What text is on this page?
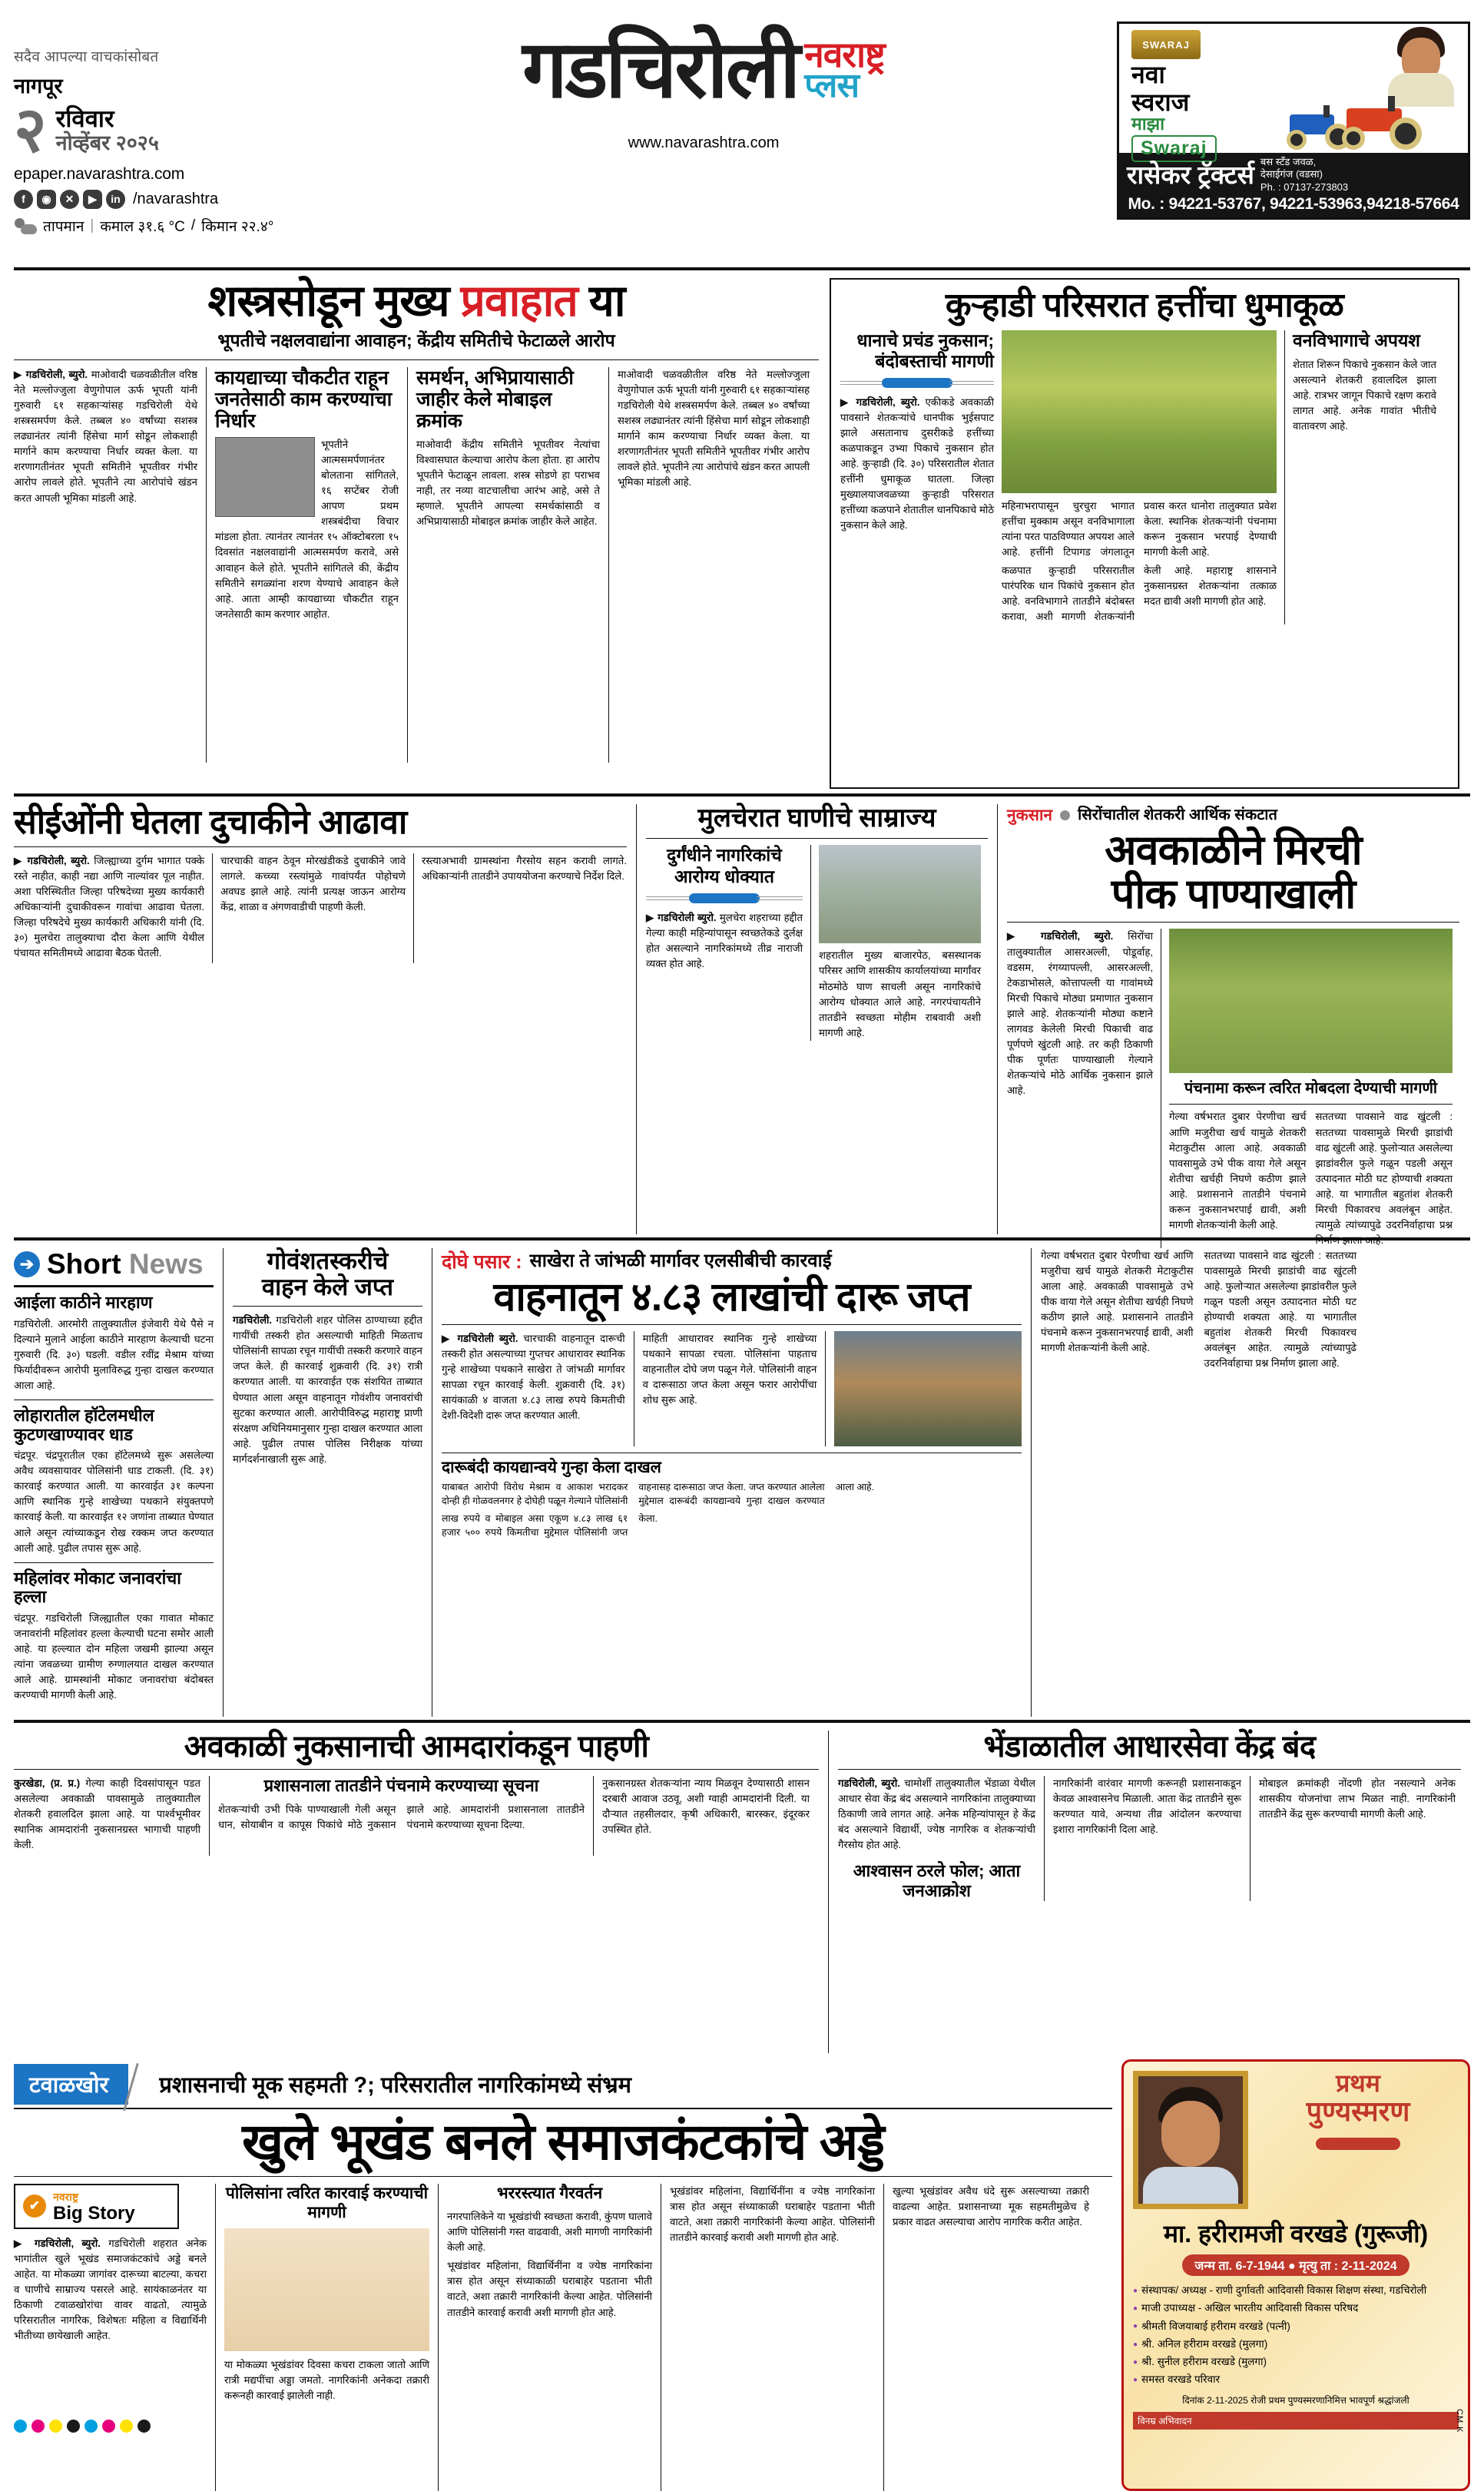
सदैव आपल्या वाचकांसोबत
नागपूर
२ रविवार
नोव्हेंबर २०२५
epaper.navarashtra.com
f	◉	✕	▶	in /navarashtra
तापमान | कमाल ३१.६ °C / किमान २२.४°
गडचिरोली नवराष्ट्र
प्लस
www.navarashtra.com
SWARAJ
नवा
स्वराज
माझा
Swaraj
रासेकर ट्रॅक्टर्स बस स्टँड जवळ,
देसाईगंज (वडसा)
Ph. : 07137-273803
Mo. : 94221-53767, 94221-53963,94218-57664
शस्त्रसोडून मुख्य प्रवाहात या
भूपतीचे नक्षलवाद्यांना आवाहन; केंद्रीय समितीचे फेटाळले आरोप

▶ गडचिरोली, ब्युरो. माओवादी चळवळीतील वरिष्ठ नेते मल्लोज्जुला वेणुगोपाल ऊर्फ भूपती यांनी गुरुवारी ६१ सहकाऱ्यांसह गडचिरोली येथे शस्त्रसमर्पण केले. तब्बल ४० वर्षांच्या सशस्त्र लढ्यानंतर त्यांनी हिंसेचा मार्ग सोडून लोकशाही मार्गाने काम करण्याचा निर्धार व्यक्त केला. या शरणागतीनंतर भूपती समितीने भूपतीवर गंभीर आरोप लावले होते. भूपतीने त्या आरोपांचे खंडन करत आपली भूमिका मांडली आहे.

कायद्याच्या चौकटीत राहून जनतेसाठी काम करण्याचा निर्धार
भूपतीने आत्मसमर्पणानंतर बोलताना सांगितले, १६ सप्टेंबर रोजी आपण प्रथम शस्त्रबंदीचा विचार मांडला होता. त्यानंतर त्यानंतर १५ ऑक्टोबरला १५ दिवसांत नक्षलवाद्यांनी आत्मसमर्पण करावे, असे आवाहन केले होते. भूपतीने सांगितले की, केंद्रीय समितीने सगळ्यांना शरण येण्याचे आवाहन केले आहे. आता आम्ही कायद्याच्या चौकटीत राहून जनतेसाठी काम करणार आहोत.
समर्थन, अभिप्रायासाठी जाहीर केले मोबाइल क्रमांक
माओवादी केंद्रीय समितीने भूपतीवर नेत्यांचा विश्वासघात केल्याचा आरोप केला होता. हा आरोप भूपतीने फेटाळून लावला. शस्त्र सोडणे हा पराभव नाही, तर नव्या वाटचालीचा आरंभ आहे, असे ते म्हणाले. भूपतीने आपल्या समर्थकांसाठी व अभिप्रायासाठी मोबाइल क्रमांक जाहीर केले आहेत.
माओवादी चळवळीतील वरिष्ठ नेते मल्लोज्जुला वेणुगोपाल ऊर्फ भूपती यांनी गुरुवारी ६१ सहकाऱ्यांसह गडचिरोली येथे शस्त्रसमर्पण केले. तब्बल ४० वर्षांच्या सशस्त्र लढ्यानंतर त्यांनी हिंसेचा मार्ग सोडून लोकशाही मार्गाने काम करण्याचा निर्धार व्यक्त केला. या शरणागतीनंतर भूपती समितीने भूपतीवर गंभीर आरोप लावले होते. भूपतीने त्या आरोपांचे खंडन करत आपली भूमिका मांडली आहे.
कुऱ्हाडी परिसरात हत्तींचा धुमाकूळ
धानाचे प्रचंड नुकसान; बंदोबस्ताची मागणी

▶ गडचिरोली, ब्युरो. एकीकडे अवकाळी पावसाने शेतकऱ्यांचे धानपीक भुईसपाट झाले असतानाच दुसरीकडे हत्तींच्या कळपाकडून उभ्या पिकाचे नुकसान होत आहे. कुऱ्हाडी (दि. ३०) परिसरातील शेतात हत्तींनी धुमाकूळ घातला. जिल्हा मुख्यालयाजवळच्या कुऱ्हाडी परिसरात हत्तींच्या कळपाने शेतातील धानपिकाचे मोठे नुकसान केले आहे.

महिनाभरापासून चुरचुरा भागात हत्तींचा मुक्काम असून वनविभागाला त्यांना परत पाठविण्यात अपयश आले आहे. हत्तींनी टिपागड जंगलातून प्रवास करत धानोरा तालुक्यात प्रवेश केला. स्थानिक शेतकऱ्यांनी पंचनामा करून नुकसान भरपाई देण्याची मागणी केली आहे.
कळपात कुऱ्हाडी परिसरातील पारंपरिक धान पिकांचे नुकसान होत आहे. वनविभागाने तातडीने बंदोबस्त करावा, अशी मागणी शेतकऱ्यांनी केली आहे. महाराष्ट्र शासनाने नुकसानग्रस्त शेतकऱ्यांना तत्काळ मदत द्यावी अशी मागणी होत आहे.
वनविभागाचे अपयश
शेतात शिरून पिकाचे नुकसान केले जात असल्याने शेतकरी हवालदिल झाला आहे. रात्रभर जागून पिकाचे रक्षण करावे लागत आहे. अनेक गावांत भीतीचे वातावरण आहे.
सीईओंनी घेतला दुचाकीने आढावा

▶ गडचिरोली, ब्युरो. जिल्ह्याच्या दुर्गम भागात पक्के रस्ते नाहीत, काही नद्या आणि नाल्यांवर पूल नाहीत. अशा परिस्थितीत जिल्हा परिषदेच्या मुख्य कार्यकारी अधिकाऱ्यांनी दुचाकीवरून गावांचा आढावा घेतला. जिल्हा परिषदेचे मुख्य कार्यकारी अधिकारी यांनी (दि. ३०) मुलचेरा तालुक्याचा दौरा केला आणि येथील पंचायत समितीमध्ये आढावा बैठक घेतली.

चारचाकी वाहन ठेवून मोरखंडीकडे दुचाकीने जावे लागले. कच्च्या रस्त्यांमुळे गावांपर्यंत पोहोचणे अवघड झाले आहे. त्यांनी प्रत्यक्ष जाऊन आरोग्य केंद्र, शाळा व अंगणवाडीची पाहणी केली.
रस्त्याअभावी ग्रामस्थांना गैरसोय सहन करावी लागते. अधिकाऱ्यांनी तातडीने उपाययोजना करण्याचे निर्देश दिले.
मुलचेरात घाणीचे साम्राज्य
दुर्गंधीने नागरिकांचे आरोग्य धोक्यात

▶ गडचिरोली ब्युरो. मुलचेरा शहराच्या हद्दीत गेल्या काही महिन्यांपासून स्वच्छतेकडे दुर्लक्ष होत असल्याने नागरिकांमध्ये तीव्र नाराजी व्यक्त होत आहे.

शहरातील मुख्य बाजारपेठ, बसस्थानक परिसर आणि शासकीय कार्यालयांच्या मार्गांवर मोठमोठे घाण साचली असून नागरिकांचे आरोग्य धोक्यात आले आहे. नगरपंचायतीने तातडीने स्वच्छता मोहीम राबवावी अशी मागणी आहे.
नुकसान सिरोंचातील शेतकरी आर्थिक संकटात
अवकाळीने मिरची
पीक पाण्याखाली

▶ गडचिरोली, ब्युरो. सिरोंचा तालुक्यातील आसरअल्ली, पोडूर्वाह, वडसम, रंगय्यापल्ली, आसरअल्ली, टेकडाभोसले, कोत्तापल्ली या गावांमध्ये मिरची पिकाचे मोठ्या प्रमाणात नुकसान झाले आहे. शेतकऱ्यांनी मोठ्या कष्टाने लागवड केलेली मिरची पिकाची वाढ पूर्णपणे खुंटली आहे. तर कही ठिकाणी पीक पूर्णतः पाण्याखाली गेल्याने शेतकऱ्यांचे मोठे आर्थिक नुकसान झाले आहे.	पंचनामा करून त्वरित मोबदला देण्याची मागणी
गेल्या वर्षभरात दुबार पेरणीचा खर्च आणि मजुरीचा खर्च यामुळे शेतकरी मेटाकुटीस आला आहे. अवकाळी पावसामुळे उभे पीक वाया गेले असून शेतीचा खर्चही निघणे कठीण झाले आहे. प्रशासनाने तातडीने पंचनामे करून नुकसानभरपाई द्यावी, अशी मागणी शेतकऱ्यांनी केली आहे.
सततच्या पावसाने वाढ खुंटली : सततच्या पावसामुळे मिरची झाडांची वाढ खुंटली आहे. फुलोऱ्यात असलेल्या झाडांवरील फुले गळून पडली असून उत्पादनात मोठी घट होण्याची शक्यता आहे. या भागातील बहुतांश शेतकरी मिरची पिकावरच अवलंबून आहेत. त्यामुळे त्यांच्यापुढे उदरनिर्वाहाचा प्रश्न निर्माण झाला आहे.
➔ Short News
आईला काठीने मारहाण
गडचिरोली. आरमोरी तालुक्यातील इंजेवारी येथे पैसे न दिल्याने मुलाने आईला काठीने मारहाण केल्याची घटना गुरुवारी (दि. ३०) घडली. वडील रवींद्र मेश्राम यांच्या फिर्यादीवरून आरोपी मुलाविरुद्ध गुन्हा दाखल करण्यात आला आहे.
लोहारातील हॉटेलमधील कुटणखाण्यावर धाड
चंद्रपूर. चंद्रपूरातील एका हॉटेलमध्ये सुरू असलेल्या अवैध व्यवसायावर पोलिसांनी धाड टाकली. (दि. ३१) कारवाई करण्यात आली. या कारवाईत ३१ कल्पना आणि स्थानिक गुन्हे शाखेच्या पथकाने संयुक्तपणे कारवाई केली. या कारवाईत १२ जणांना ताब्यात घेण्यात आले असून त्यांच्याकडून रोख रक्कम जप्त करण्यात आली आहे. पुढील तपास सुरू आहे.
महिलांवर मोकाट जनावरांचा हल्ला
चंद्रपूर. गडचिरोली जिल्ह्यातील एका गावात मोकाट जनावरांनी महिलांवर हल्ला केल्याची घटना समोर आली आहे. या हल्ल्यात दोन महिला जखमी झाल्या असून त्यांना जवळच्या ग्रामीण रुग्णालयात दाखल करण्यात आले आहे. ग्रामस्थांनी मोकाट जनावरांचा बंदोबस्त करण्याची मागणी केली आहे.
गोवंशतस्करीचे
वाहन केले जप्त

गडचिरोली. गडचिरोली शहर पोलिस ठाण्याच्या हद्दीत गायींची तस्करी होत असल्याची माहिती मिळताच पोलिसांनी सापळा रचून गायींची तस्करी करणारे वाहन जप्त केले. ही कारवाई शुक्रवारी (दि. ३१) रात्री करण्यात आली. या कारवाईत एक संशयित ताब्यात घेण्यात आला असून वाहनातून गोवंशीय जनावरांची सुटका करण्यात आली. आरोपीविरुद्ध महाराष्ट्र प्राणी संरक्षण अधिनियमानुसार गुन्हा दाखल करण्यात आला आहे. पुढील तपास पोलिस निरीक्षक यांच्या मार्गदर्शनाखाली सुरू आहे.

दोघे पसार : साखेरा ते जांभळी मार्गावर एलसीबीची कारवाई
वाहनातून ४.८३ लाखांची दारू जप्त

▶ गडचिरोली ब्युरो. चारचाकी वाहनातून दारूची तस्करी होत असल्याच्या गुप्तचर आधारावर स्थानिक गुन्हे शाखेच्या पथकाने साखेरा ते जांभळी मार्गावर सापळा रचून कारवाई केली. शुक्रवारी (दि. ३१) सायंकाळी ४ वाजता ४.८३ लाख रुपये किमतीची देशी-विदेशी दारू जप्त करण्यात आली.

माहिती आधारावर स्थानिक गुन्हे शाखेच्या पथकाने सापळा रचला. पोलिसांना पाहताच वाहनातील दोघे जण पळून गेले. पोलिसांनी वाहन व दारूसाठा जप्त केला असून फरार आरोपींचा शोध सुरू आहे.
दारूबंदी कायद्यान्वये गुन्हा केला दाखल
याबाबत आरोपी विरोध मेश्राम व आकाश भरादकर दोन्ही ही गोळवलनगर हे दोघेही पळून गेल्याने पोलिसांनी वाहनासह दारूसाठा जप्त केला. जप्त करण्यात आलेला मुद्देमाल दारूबंदी कायद्यान्वये गुन्हा दाखल करण्यात आला आहे.
लाख रुपये व मोबाइल असा एकूण ४.८३ लाख ६१ हजार ५०० रुपये किमतीचा मुद्देमाल पोलिसांनी जप्त केला.
गेल्या वर्षभरात दुबार पेरणीचा खर्च आणि मजुरीचा खर्च यामुळे शेतकरी मेटाकुटीस आला आहे. अवकाळी पावसामुळे उभे पीक वाया गेले असून शेतीचा खर्चही निघणे कठीण झाले आहे. प्रशासनाने तातडीने पंचनामे करून नुकसानभरपाई द्यावी, अशी मागणी शेतकऱ्यांनी केली आहे.
सततच्या पावसाने वाढ खुंटली : सततच्या पावसामुळे मिरची झाडांची वाढ खुंटली आहे. फुलोऱ्यात असलेल्या झाडांवरील फुले गळून पडली असून उत्पादनात मोठी घट होण्याची शक्यता आहे. या भागातील बहुतांश शेतकरी मिरची पिकावरच अवलंबून आहेत. त्यामुळे त्यांच्यापुढे उदरनिर्वाहाचा प्रश्न निर्माण झाला आहे.
अवकाळी नुकसानाची आमदारांकडून पाहणी

कुरखेडा, (प्र. प्र.) गेल्या काही दिवसांपासून पडत असलेल्या अवकाळी पावसामुळे तालुक्यातील शेतकरी हवालदिल झाला आहे. या पार्श्वभूमीवर स्थानिक आमदारांनी नुकसानग्रस्त भागाची पाहणी केली.

प्रशासनाला तातडीने पंचनामे करण्याच्या सूचना
शेतकऱ्यांची उभी पिके पाण्याखाली गेली असून धान, सोयाबीन व कापूस पिकांचे मोठे नुकसान झाले आहे. आमदारांनी प्रशासनाला तातडीने पंचनामे करण्याच्या सूचना दिल्या.
नुकसानग्रस्त शेतकऱ्यांना न्याय मिळवून देण्यासाठी शासन दरबारी आवाज उठवू, अशी ग्वाही आमदारांनी दिली. या दौऱ्यात तहसीलदार, कृषी अधिकारी, बारस्कर, इंदूरकर उपस्थित होते.
भेंडाळातील आधारसेवा केंद्र बंद

गडचिरोली, ब्युरो. चामोर्शी तालुक्यातील भेंडाळा येथील आधार सेवा केंद्र बंद असल्याने नागरिकांना तालुक्याच्या ठिकाणी जावे लागत आहे. अनेक महिन्यांपासून हे केंद्र बंद असल्याने विद्यार्थी, ज्येष्ठ नागरिक व शेतकऱ्यांची गैरसोय होत आहे.

आश्वासन ठरले फोल; आता जनआक्रोश
नागरिकांनी वारंवार मागणी करूनही प्रशासनाकडून केवळ आश्वासनेच मिळाली. आता केंद्र तातडीने सुरू करण्यात यावे, अन्यथा तीव्र आंदोलन करण्याचा इशारा नागरिकांनी दिला आहे.
मोबाइल क्रमांकही नोंदणी होत नसल्याने अनेक शासकीय योजनांचा लाभ मिळत नाही. नागरिकांनी तातडीने केंद्र सुरू करण्याची मागणी केली आहे.
टवाळखोर	प्रशासनाची मूक सहमती ?; परिसरातील नागरिकांमध्ये संभ्रम
खुले भूखंड बनले समाजकंटकांचे अड्डे
✔
नवराष्ट्र
Big Story

▶ गडचिरोली, ब्युरो. गडचिरोली शहरात अनेक भागांतील खुले भूखंड समाजकंटकांचे अड्डे बनले आहेत. या मोकळ्या जागांवर दारूच्या बाटल्या, कचरा व घाणीचे साम्राज्य पसरले आहे. सायंकाळनंतर या ठिकाणी टवाळखोरांचा वावर वाढतो, त्यामुळे परिसरातील नागरिक, विशेषतः महिला व विद्यार्थिनी भीतीच्या छायेखाली आहेत.

पोलिसांना त्वरित कारवाई करण्याची मागणी
या मोकळ्या भूखंडांवर दिवसा कचरा टाकला जातो आणि रात्री मद्यपींचा अड्डा जमतो. नागरिकांनी अनेकदा तक्रारी करूनही कारवाई झालेली नाही.
भररस्त्यात गैरवर्तन
नगरपालिकेने या भूखंडांची स्वच्छता करावी, कुंपण घालावे आणि पोलिसांनी गस्त वाढवावी, अशी मागणी नागरिकांनी केली आहे.
भूखंडांवर महिलांना, विद्यार्थिनींना व ज्येष्ठ नागरिकांना त्रास होत असून संध्याकाळी घराबाहेर पडताना भीती वाटते, अशा तक्रारी नागरिकांनी केल्या आहेत. पोलिसांनी तातडीने कारवाई करावी अशी मागणी होत आहे.
भूखंडांवर महिलांना, विद्यार्थिनींना व ज्येष्ठ नागरिकांना त्रास होत असून संध्याकाळी घराबाहेर पडताना भीती वाटते, अशा तक्रारी नागरिकांनी केल्या आहेत. पोलिसांनी तातडीने कारवाई करावी अशी मागणी होत आहे.
खुल्या भूखंडांवर अवैध धंदे सुरू असल्याच्या तक्रारी वाढल्या आहेत. प्रशासनाच्या मूक सहमतीमुळेच हे प्रकार वाढत असल्याचा आरोप नागरिक करीत आहेत.
प्रथम
पुण्यस्मरण
मा. हरीरामजी वरखडे (गुरूजी)
जन्म ता. 6-7-1944 ● मृत्यु ता : 2-11-2024
● संस्थापक/ अध्यक्ष - राणी दुर्गावती आदिवासी विकास शिक्षण संस्था, गडचिरोली
● माजी उपाध्यक्ष - अखिल भारतीय आदिवासी विकास परिषद
● श्रीमती विजयाबाई हरीराम वरखडे (पत्नी)
● श्री. अनिल हरीराम वरखडे (मुलगा)
● श्री. सुनील हरीराम वरखडे (मुलगा)
● समस्त वरखडे परिवार
दिनांक 2-11-2025 रोजी प्रथम पुण्यस्मरणानिमित्त भावपूर्ण श्रद्धांजली
विनम्र अभिवादन	CM K
